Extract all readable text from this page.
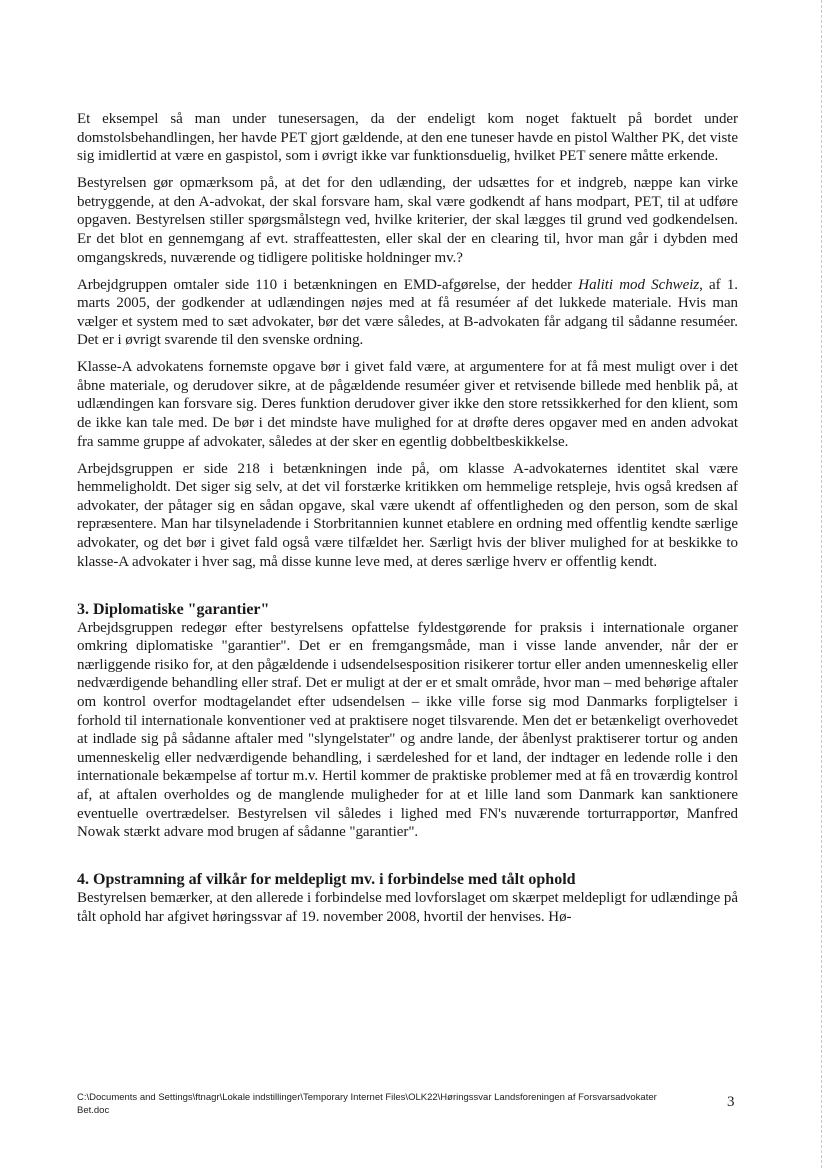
Et eksempel så man under tunesersagen, da der endeligt kom noget faktuelt på bordet under domstolsbehandlingen, her havde PET gjort gældende, at den ene tuneser havde en pistol Walther PK, det viste sig imidlertid at være en gaspistol, som i øvrigt ikke var funktionsduelig, hvilket PET senere måtte erkende.

Bestyrelsen gør opmærksom på, at det for den udlænding, der udsættes for et indgreb, næppe kan virke betryggende, at den A-advokat, der skal forsvare ham, skal være godkendt af hans modpart, PET, til at udføre opgaven. Bestyrelsen stiller spørgsmålstegn ved, hvilke kriterier, der skal lægges til grund ved godkendelsen. Er det blot en gennemgang af evt. straffeattesten, eller skal der en clearing til, hvor man går i dybden med omgangskreds, nuværende og tidligere politiske holdninger mv.?

Arbejdgruppen omtaler side 110 i betænkningen en EMD-afgørelse, der hedder Haliti mod Schweiz, af 1. marts 2005, der godkender at udlændingen nøjes med at få resuméer af det lukkede materiale. Hvis man vælger et system med to sæt advokater, bør det være således, at B-advokaten får adgang til sådanne resuméer. Det er i øvrigt svarende til den svenske ordning.

Klasse-A advokatens fornemste opgave bør i givet fald være, at argumentere for at få mest muligt over i det åbne materiale, og derudover sikre, at de pågældende resuméer giver et retvisende billede med henblik på, at udlændingen kan forsvare sig. Deres funktion derudover giver ikke den store retssikkerhed for den klient, som de ikke kan tale med. De bør i det mindste have mulighed for at drøfte deres opgaver med en anden advokat fra samme gruppe af advokater, således at der sker en egentlig dobbeltbeskikkelse.

Arbejdsgruppen er side 218 i betænkningen inde på, om klasse A-advokaternes identitet skal være hemmeligholdt. Det siger sig selv, at det vil forstærke kritikken om hemmelige retspleje, hvis også kredsen af advokater, der påtager sig en sådan opgave, skal være ukendt af offentligheden og den person, som de skal repræsentere. Man har tilsyneladende i Storbritannien kunnet etablere en ordning med offentlig kendte særlige advokater, og det bør i givet fald også være tilfældet her. Særligt hvis der bliver mulighed for at beskikke to klasse-A advokater i hver sag, må disse kunne leve med, at deres særlige hverv er offentlig kendt.

3. Diplomatiske "garantier"

Arbejdsgruppen redegør efter bestyrelsens opfattelse fyldestgørende for praksis i internationale organer omkring diplomatiske "garantier". Det er en fremgangsmåde, man i visse lande anvender, når der er nærliggende risiko for, at den pågældende i udsendelsesposition risikerer tortur eller anden umenneskelig eller nedværdigende behandling eller straf. Det er muligt at der er et smalt område, hvor man – med behørige aftaler om kontrol overfor modtagelandet efter udsendelsen – ikke ville forse sig mod Danmarks forpligtelser i forhold til internationale konventioner ved at praktisere noget tilsvarende. Men det er betænkeligt overhovedet at indlade sig på sådanne aftaler med "slyngelstater" og andre lande, der åbenlyst praktiserer tortur og anden umenneskelig eller nedværdigende behandling, i særdeleshed for et land, der indtager en ledende rolle i den internationale bekæmpelse af tortur m.v. Hertil kommer de praktiske problemer med at få en troværdig kontrol af, at aftalen overholdes og de manglende muligheder for at et lille land som Danmark kan sanktionere eventuelle overtrædelser. Bestyrelsen vil således i lighed med FN's nuværende torturrapportør, Manfred Nowak stærkt advare mod brugen af sådanne "garantier".

4. Opstramning af vilkår for meldepligt mv. i forbindelse med tålt ophold

Bestyrelsen bemærker, at den allerede i forbindelse med lovforslaget om skærpet meldepligt for udlændinge på tålt ophold har afgivet høringssvar af 19. november 2008, hvortil der henvises. Hø-

C:\Documents and Settings\ftnagr\Lokale indstillinger\Temporary Internet Files\OLK22\Høringssvar Landsforeningen af Forsvarsadvokater
Bet.doc
3
